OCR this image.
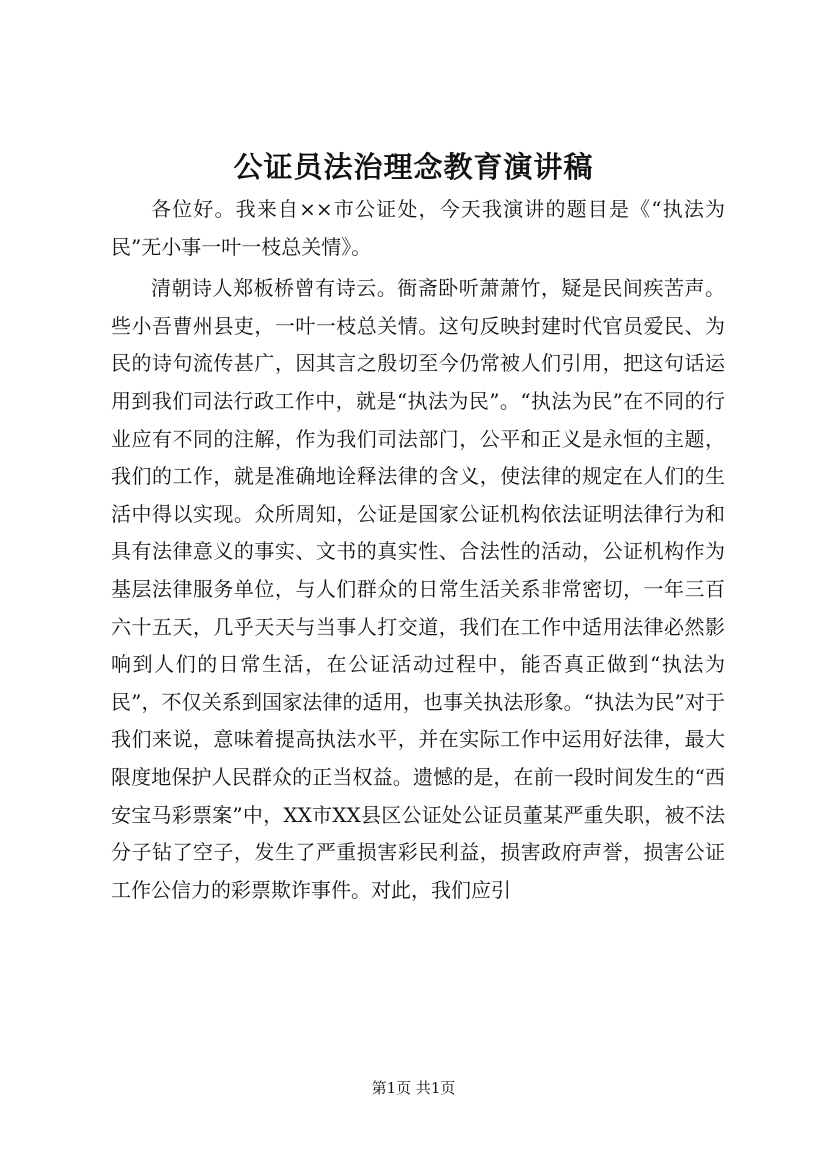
公证员法治理念教育演讲稿

各位好。我来自××市公证处，今天我演讲的题目是《“执法为民”无小事一叶一枝总关情》。

清朝诗人郑板桥曾有诗云。衙斋卧听萧萧竹，疑是民间疾苦声。些小吾曹州县吏，一叶一枝总关情。这句反映封建时代官员爱民、为民的诗句流传甚广，因其言之殷切至今仍常被人们引用，把这句话运用到我们司法行政工作中，就是“执法为民”。“执法为民”在不同的行业应有不同的注解，作为我们司法部门，公平和正义是永恒的主题，我们的工作，就是准确地诠释法律的含义，使法律的规定在人们的生活中得以实现。众所周知，公证是国家公证机构依法证明法律行为和具有法律意义的事实、文书的真实性、合法性的活动，公证机构作为基层法律服务单位，与人们群众的日常生活关系非常密切，一年三百六十五天，几乎天天与当事人打交道，我们在工作中适用法律必然影响到人们的日常生活，在公证活动过程中，能否真正做到“执法为民”，不仅关系到国家法律的适用，也事关执法形象。“执法为民”对于我们来说，意味着提高执法水平，并在实际工作中运用好法律，最大限度地保护人民群众的正当权益。遗憾的是，在前一段时间发生的“西安宝马彩票案”中，XX市XX县区公证处公证员董某严重失职，被不法分子钻了空子，发生了严重损害彩民利益，损害政府声誉，损害公证工作公信力的彩票欺诈事件。对此，我们应引

第1页 共1页
